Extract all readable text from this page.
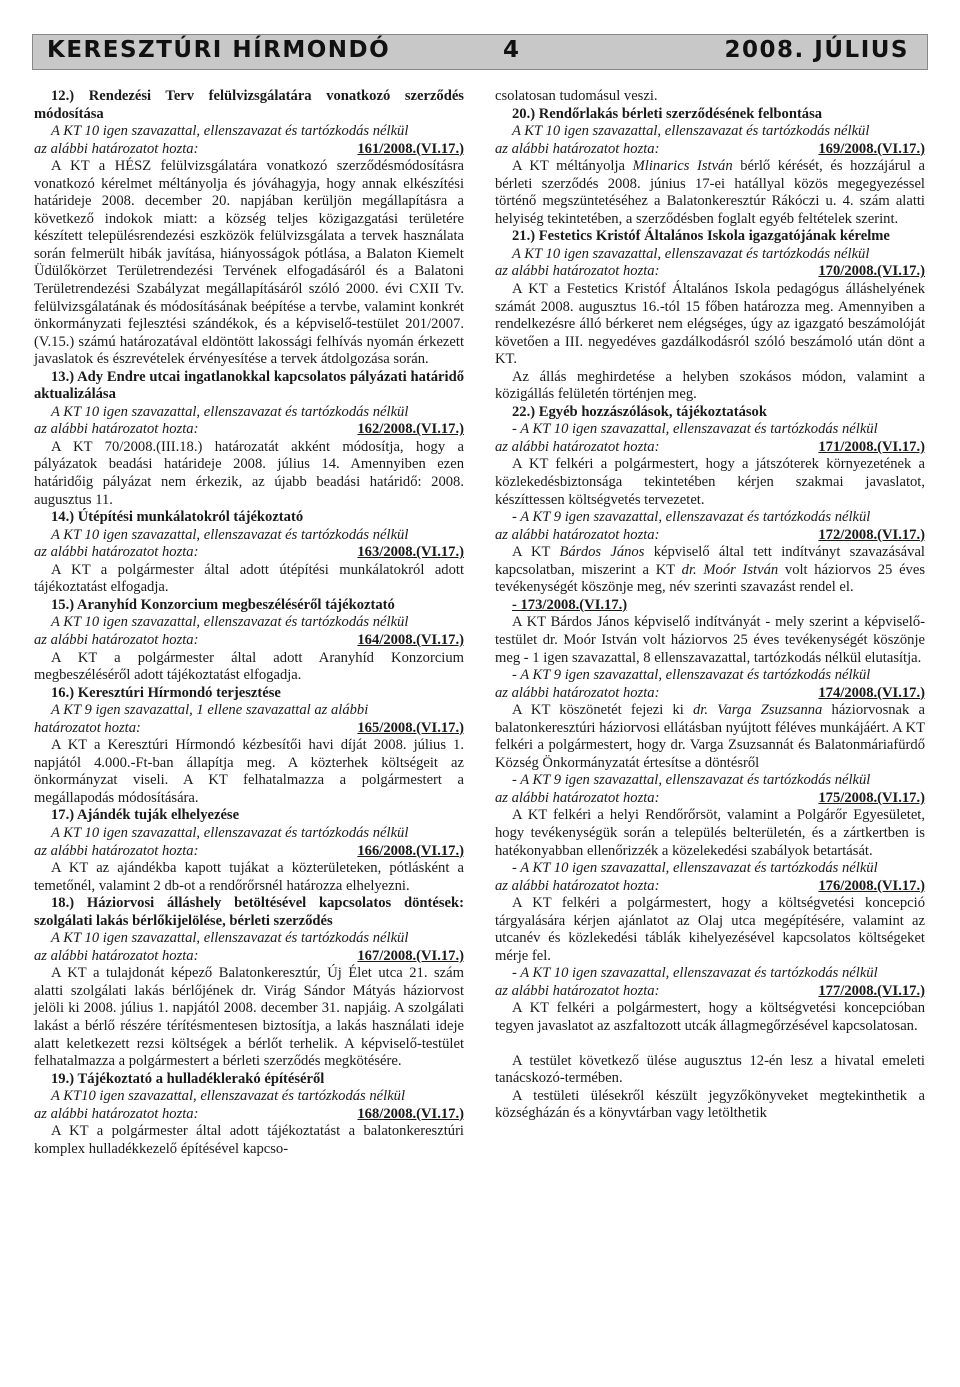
KERESZTÚRI HÍRMONDÓ	4	2008. JÚLIUS

12.) Rendezési Terv felülvizsgálatára vonatkozó szerződés módosítása

A KT 10 igen szavazattal, ellenszavazat és tartózkodás nélkül

az alábbi határozatot hozta:	161/2008.(VI.17.)

A KT a HÉSZ felülvizsgálatára vonatkozó szerződésmódosításra vonatkozó kérelmet méltányolja és jóváhagyja, hogy annak elkészítési határideje 2008. december 20. napjában kerüljön megállapításra a következő indokok miatt: a község teljes közigazgatási területére készített településrendezési eszközök felülvizsgálata a tervek használata során felmerült hibák javítása, hiányosságok pótlása, a Balaton Kiemelt Üdülőkörzet Területrendezési Tervének elfogadásáról és a Balatoni Területrendezési Szabályzat megállapításáról szóló 2000. évi CXII Tv. felülvizsgálatának és módosításának beépítése a tervbe, valamint konkrét önkormányzati fejlesztési szándékok, és a képviselő-testület 201/2007.(V.15.) számú határozatával eldöntött lakossági felhívás nyomán érkezett javaslatok és észrevételek érvényesítése a tervek átdolgozása során.

13.) Ady Endre utcai ingatlanokkal kapcsolatos pályázati határidő aktualizálása

A KT 10 igen szavazattal, ellenszavazat és tartózkodás nélkül

az alábbi határozatot hozta:	162/2008.(VI.17.)

A KT 70/2008.(III.18.) határozatát akként módosítja, hogy a pályázatok beadási határideje 2008. július 14. Amennyiben ezen határidőig pályázat nem érkezik, az újabb beadási határidő: 2008. augusztus 11.

14.) Útépítési munkálatokról tájékoztató

A KT 10 igen szavazattal, ellenszavazat és tartózkodás nélkül

az alábbi határozatot hozta:	163/2008.(VI.17.)

A KT a polgármester által adott útépítési munkálatokról adott tájékoztatást elfogadja.

15.) Aranyhíd Konzorcium megbeszéléséről tájékoztató

A KT 10 igen szavazattal, ellenszavazat és tartózkodás nélkül

az alábbi határozatot hozta:	164/2008.(VI.17.)

A KT a polgármester által adott Aranyhíd Konzorcium megbeszéléséről adott tájékoztatást elfogadja.

16.) Keresztúri Hírmondó terjesztése

A KT 9 igen szavazattal, 1 ellene szavazattal az alábbi

határozatot hozta:	165/2008.(VI.17.)

A KT a Keresztúri Hírmondó kézbesítői havi díját 2008. július 1. napjától 4.000.-Ft-ban állapítja meg. A közterhek költségeit az önkormányzat viseli. A KT felhatalmazza a polgármestert a megállapodás módosítására.

17.) Ajándék tuják elhelyezése

A KT 10 igen szavazattal, ellenszavazat és tartózkodás nélkül

az alábbi határozatot hozta:	166/2008.(VI.17.)

A KT az ajándékba kapott tujákat a közterületeken, pótlásként a temetőnél, valamint 2 db-ot a rendőrőrsnél határozza elhelyezni.

18.) Háziorvosi álláshely betöltésével kapcsolatos döntések: szolgálati lakás bérlőkijelölése, bérleti szerződés

A KT 10 igen szavazattal, ellenszavazat és tartózkodás nélkül

az alábbi határozatot hozta:	167/2008.(VI.17.)

A KT a tulajdonát képező Balatonkeresztúr, Új Élet utca 21. szám alatti szolgálati lakás bérlőjének dr. Virág Sándor Mátyás háziorvost jelöli ki 2008. július 1. napjától 2008. december 31. napjáig. A szolgálati lakást a bérlő részére térítésmentesen biztosítja, a lakás használati ideje alatt keletkezett rezsi költségek a bérlőt terhelik. A képviselő-testület felhatalmazza a polgármestert a bérleti szerződés megkötésére.

19.) Tájékoztató a hulladéklerakó építéséről

A KT10 igen szavazattal, ellenszavazat és tartózkodás nélkül

az alábbi határozatot hozta:	168/2008.(VI.17.)

A KT a polgármester által adott tájékoztatást a balatonkeresztúri komplex hulladékkezelő építésével kapcso-

csolatosan tudomásul veszi.

20.) Rendőrlakás bérleti szerződésének felbontása

A KT 10 igen szavazattal, ellenszavazat és tartózkodás nélkül

az alábbi határozatot hozta:	169/2008.(VI.17.)

A KT méltányolja Mlinarics István bérlő kérését, és hozzájárul a bérleti szerződés 2008. június 17-ei hatállyal közös megegyezéssel történő megszüntetéséhez a Balatonkeresztúr Rákóczi u. 4. szám alatti helyiség tekintetében, a szerződésben foglalt egyéb feltételek szerint.

21.) Festetics Kristóf Általános Iskola igazgatójának kérelme

A KT 10 igen szavazattal, ellenszavazat és tartózkodás nélkül

az alábbi határozatot hozta:	170/2008.(VI.17.)

A KT a Festetics Kristóf Általános Iskola pedagógus álláshelyének számát 2008. augusztus 16.-tól 15 főben határozza meg. Amennyiben a rendelkezésre álló bérkeret nem elégséges, úgy az igazgató beszámolóját követően a III. negyedéves gazdálkodásról szóló beszámoló után dönt a KT.

Az állás meghirdetése a helyben szokásos módon, valamint a közigállás felületén történjen meg.

22.) Egyéb hozzászólások, tájékoztatások

- A KT 10 igen szavazattal, ellenszavazat és tartózkodás nélkül

az alábbi határozatot hozta:	171/2008.(VI.17.)

A KT felkéri a polgármestert, hogy a játszóterek környezetének a közlekedésbiztonsága tekintetében kérjen szakmai javaslatot, készíttessen költségvetés tervezetet.

- A KT 9 igen szavazattal, ellenszavazat és tartózkodás nélkül

az alábbi határozatot hozta:	172/2008.(VI.17.)

A KT Bárdos János képviselő által tett indítványt szavazásával kapcsolatban, miszerint a KT dr. Moór István volt háziorvos 25 éves tevékenységét köszönje meg, név szerinti szavazást rendel el.

- 173/2008.(VI.17.)

A KT Bárdos János képviselő indítványát - mely szerint a képviselő-testület dr. Moór István volt háziorvos 25 éves tevékenységét köszönje meg - 1 igen szavazattal, 8 ellenszavazattal, tartózkodás nélkül elutasítja.

- A KT 9 igen szavazattal, ellenszavazat és tartózkodás nélkül

az alábbi határozatot hozta:	174/2008.(VI.17.)

A KT köszönetét fejezi ki dr. Varga Zsuzsanna háziorvosnak a balatonkeresztúri háziorvosi ellátásban nyújtott féléves munkájáért. A KT felkéri a polgármestert, hogy dr. Varga Zsuzsannát és Balatonmáriafürdő Község Önkormányzatát értesítse a döntésről

- A KT 9 igen szavazattal, ellenszavazat és tartózkodás nélkül

az alábbi határozatot hozta:	175/2008.(VI.17.)

A KT felkéri a helyi Rendőrőrsöt, valamint a Polgárőr Egyesületet, hogy tevékenységük során a település belterületén, és a zártkertben is hatékonyabban ellenőrizzék a közelekedési szabályok betartását.

- A KT 10 igen szavazattal, ellenszavazat és tartózkodás nélkül

az alábbi határozatot hozta:	176/2008.(VI.17.)

A KT felkéri a polgármestert, hogy a költségvetési koncepció tárgyalására kérjen ajánlatot az Olaj utca megépítésére, valamint az utcanév és közlekedési táblák kihelyezésével kapcsolatos költségeket mérje fel.

- A KT 10 igen szavazattal, ellenszavazat és tartózkodás nélkül

az alábbi határozatot hozta:	177/2008.(VI.17.)

A KT felkéri a polgármestert, hogy a költségvetési koncepcióban tegyen javaslatot az aszfaltozott utcák állagmegőrzésével kapcsolatosan.

A testület következő ülése augusztus 12-én lesz a hivatal emeleti tanácskozó-termében.

A testületi ülésekről készült jegyzőkönyveket megtekinthetik a községházán és a könyvtárban vagy letölthetik
